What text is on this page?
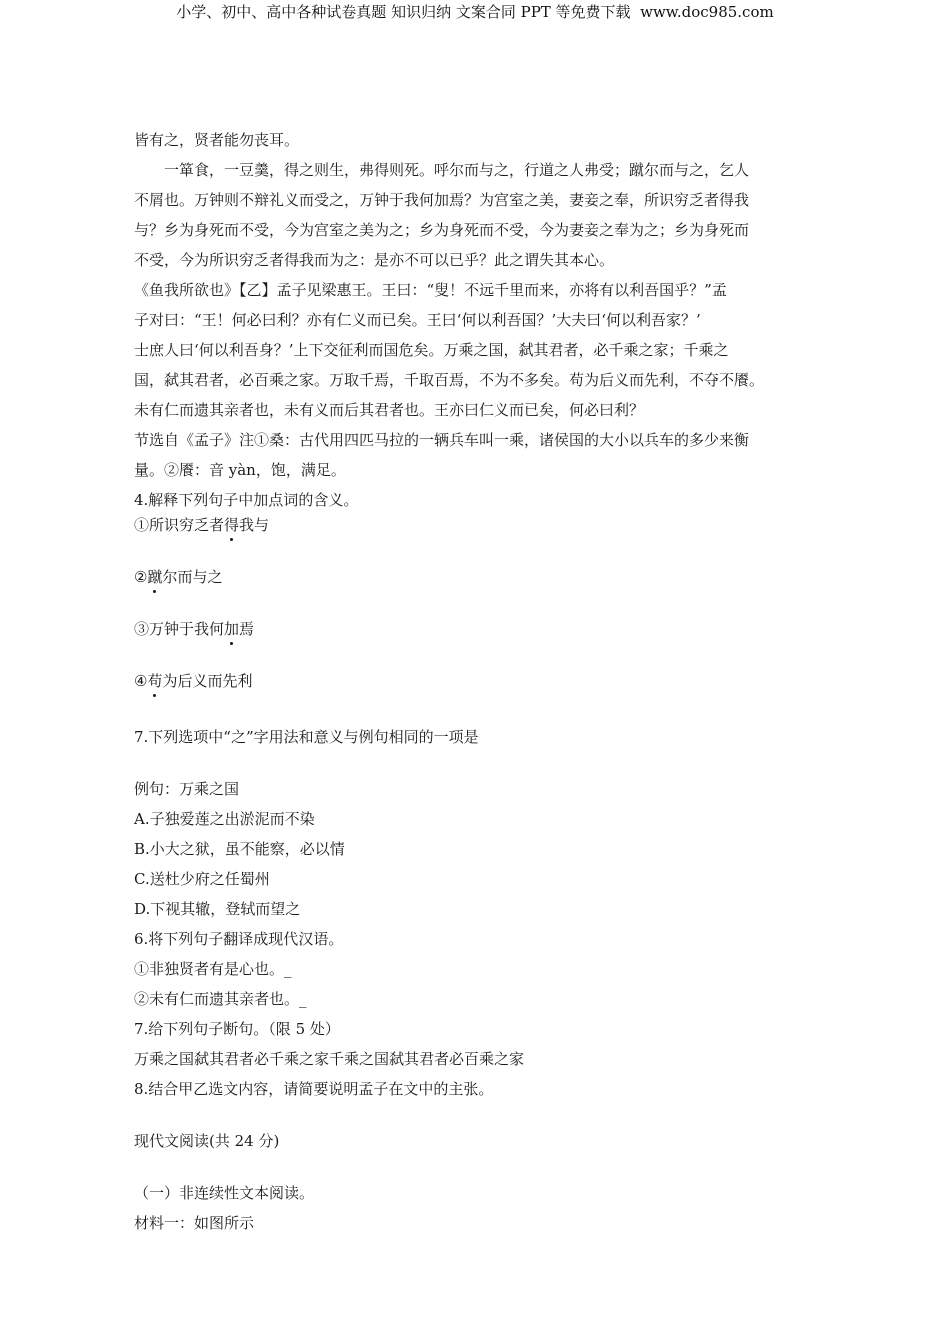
小学、初中、高中各种试卷真题 知识归纳 文案合同 PPT 等免费下载 www.doc985.com
皆有之，贤者能勿丧耳。
一箪食，一豆羹，得之则生，弗得则死。呼尔而与之，行道之人弗受；蹴尔而与之，乞人
不屑也。万钟则不辩礼义而受之，万钟于我何加焉？为宫室之美，妻妾之奉，所识穷乏者得我
与？乡为身死而不受，今为宫室之美为之；乡为身死而不受，今为妻妾之奉为之；乡为身死而
不受，今为所识穷乏者得我而为之：是亦不可以已乎？此之谓失其本心。
《鱼我所欲也》【乙】孟子见梁惠王。王曰：“叟！不远千里而来，亦将有以利吾国乎？”孟
子对曰：“王！何必曰利？亦有仁义而已矣。王曰‘何以利吾国？’大夫曰‘何以利吾家？’
士庶人曰‘何以利吾身？’上下交征利而国危矣。万乘之国，弑其君者，必千乘之家；千乘之
国，弑其君者，必百乘之家。万取千焉，千取百焉，不为不多矣。苟为后义而先利，不夺不餍。
未有仁而遗其亲者也，未有义而后其君者也。王亦曰仁义而已矣，何必曰利？
节选自《孟子》注①桑：古代用四匹马拉的一辆兵车叫一乘，诸侯国的大小以兵车的多少来衡
量。②餍：音 yàn，饱，满足。
4.解释下列句子中加点词的含义。
①所识穷乏者得我与
②蹴尔而与之
③万钟于我何加焉
④苟为后义而先利
7.下列选项中“之”字用法和意义与例句相同的一项是
例句：万乘之国
A.子独爱莲之出淤泥而不染
B.小大之狱，虽不能察，必以情
C.送杜少府之任蜀州
D.下视其辙，登轼而望之
6.将下列句子翻译成现代汉语。
①非独贤者有是心也。_
②未有仁而遗其亲者也。_
7.给下列句子断句。（限 5 处）
万乘之国弑其君者必千乘之家千乘之国弑其君者必百乘之家
8.结合甲乙选文内容，请简要说明孟子在文中的主张。
现代文阅读(共 24 分)
（一）非连续性文本阅读。
材料一：如图所示
